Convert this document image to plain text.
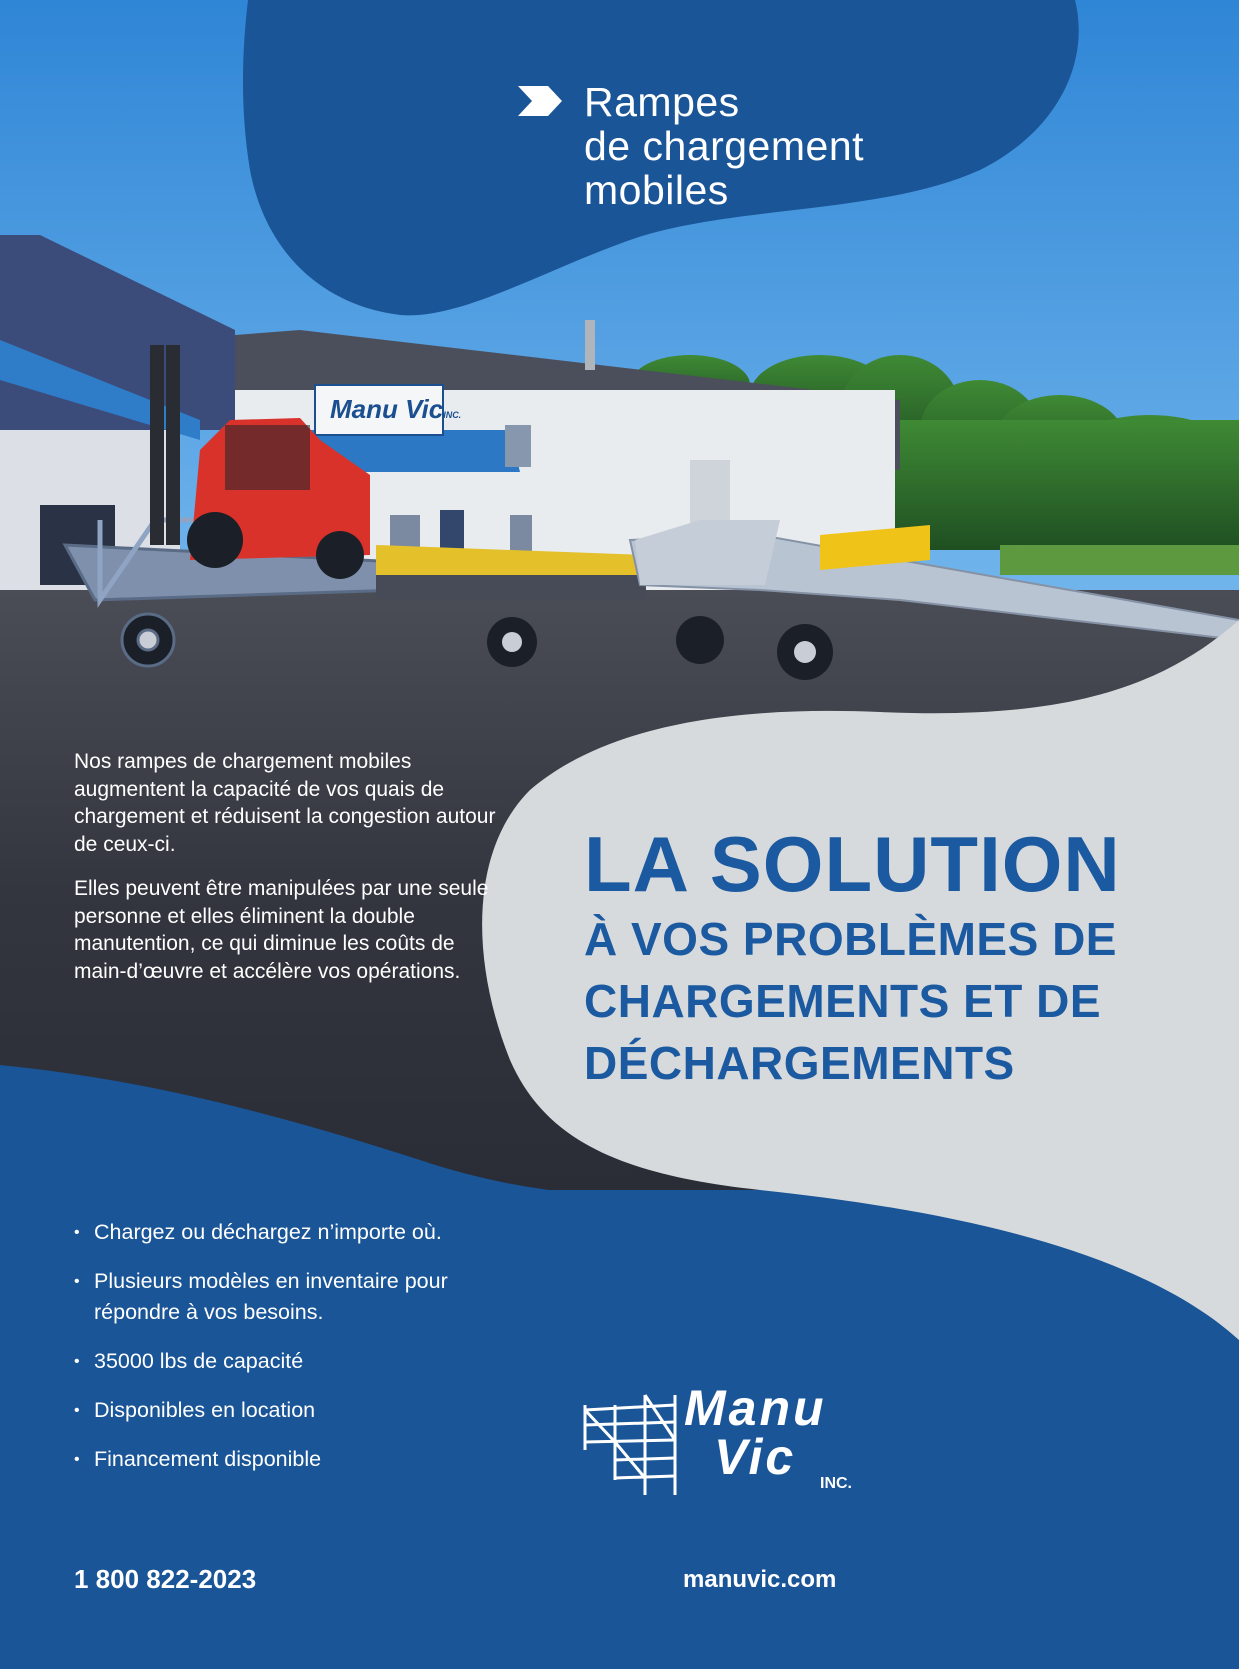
Manu VicINC.
Rampes
de chargement
mobiles

Nos rampes de chargement mobiles augmentent la capacité de vos quais de chargement et réduisent la congestion autour de ceux-ci.

Elles peuvent être manipulées par une seule personne et elles éliminent la double manutention, ce qui diminue les coûts de main-d’œuvre et accélère vos opérations.

LA SOLUTION
À VOS PROBLÈMES DE
CHARGEMENTS ET DE
DÉCHARGEMENTS
• Chargez ou déchargez n’importe où.
• Plusieurs modèles en inventaire pour répondre à vos besoins.
• 35000 lbs de capacité
• Disponibles en location
• Financement disponible
Manu
Vic INC.
1 800 822-2023	manuvic.com
